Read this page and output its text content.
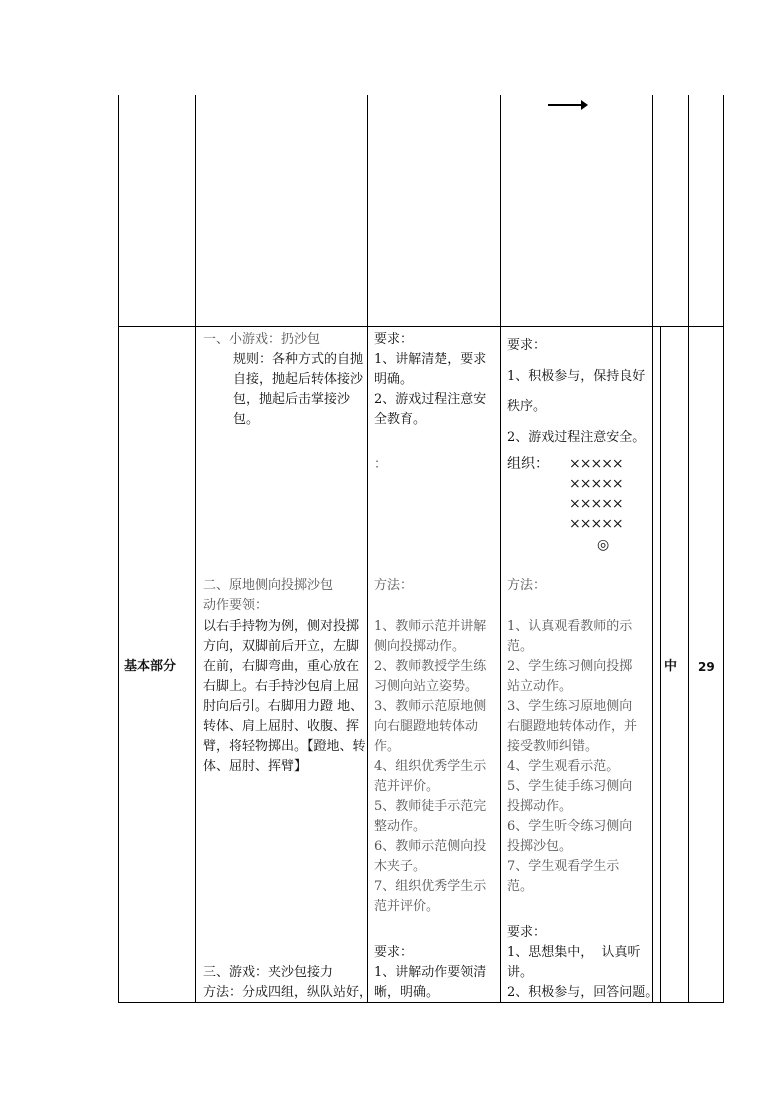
基本部分
一、小游戏：扔沙包
规则：各种方式的自抛
自接，抛起后转体接沙
包，抛起后击掌接沙
包。
二、原地侧向投掷沙包
动作要领：
以右手持物为例，侧对投掷
方向，双脚前后开立，左脚
在前，右脚弯曲，重心放在
右脚上。右手持沙包肩上屈
肘向后引。右脚用力蹬 地、
转体、肩上屈肘、收腹、挥
臂，将轻物掷出。【蹬地、转
体、屈肘、挥臂】
三、游戏：夹沙包接力
方法：分成四组，纵队站好，
要求：
1、讲解清楚，要求
明确。
2、游戏过程注意安
全教育。
：
方法：
1、教师示范并讲解
侧向投掷动作。
2、教师教授学生练
习侧向站立姿势。
3、教师示范原地侧
向右腿蹬地转体动
作。
4、组织优秀学生示
范并评价。
5、教师徒手示范完
整动作。
6、教师示范侧向投
木夹子。
7、组织优秀学生示
范并评价。
要求：
1、讲解动作要领清
晰，明确。
要求：
1、积极参与，保持良好
秩序。
2、游戏过程注意安全。
组织： ×××××
×××××
×××××
×××××
◎
方法：
1、认真观看教师的示
范。
2、学生练习侧向投掷
站立动作。
3、学生练习原地侧向
右腿蹬地转体动作，并
接受教师纠错。
4、学生观看示范。
5、学生徒手练习侧向
投掷动作。
6、学生听令练习侧向
投掷沙包。
7、学生观看学生示
范。
要求：
1、思想集中，  认真听
讲。
2、积极参与，回答问题。
中 29
